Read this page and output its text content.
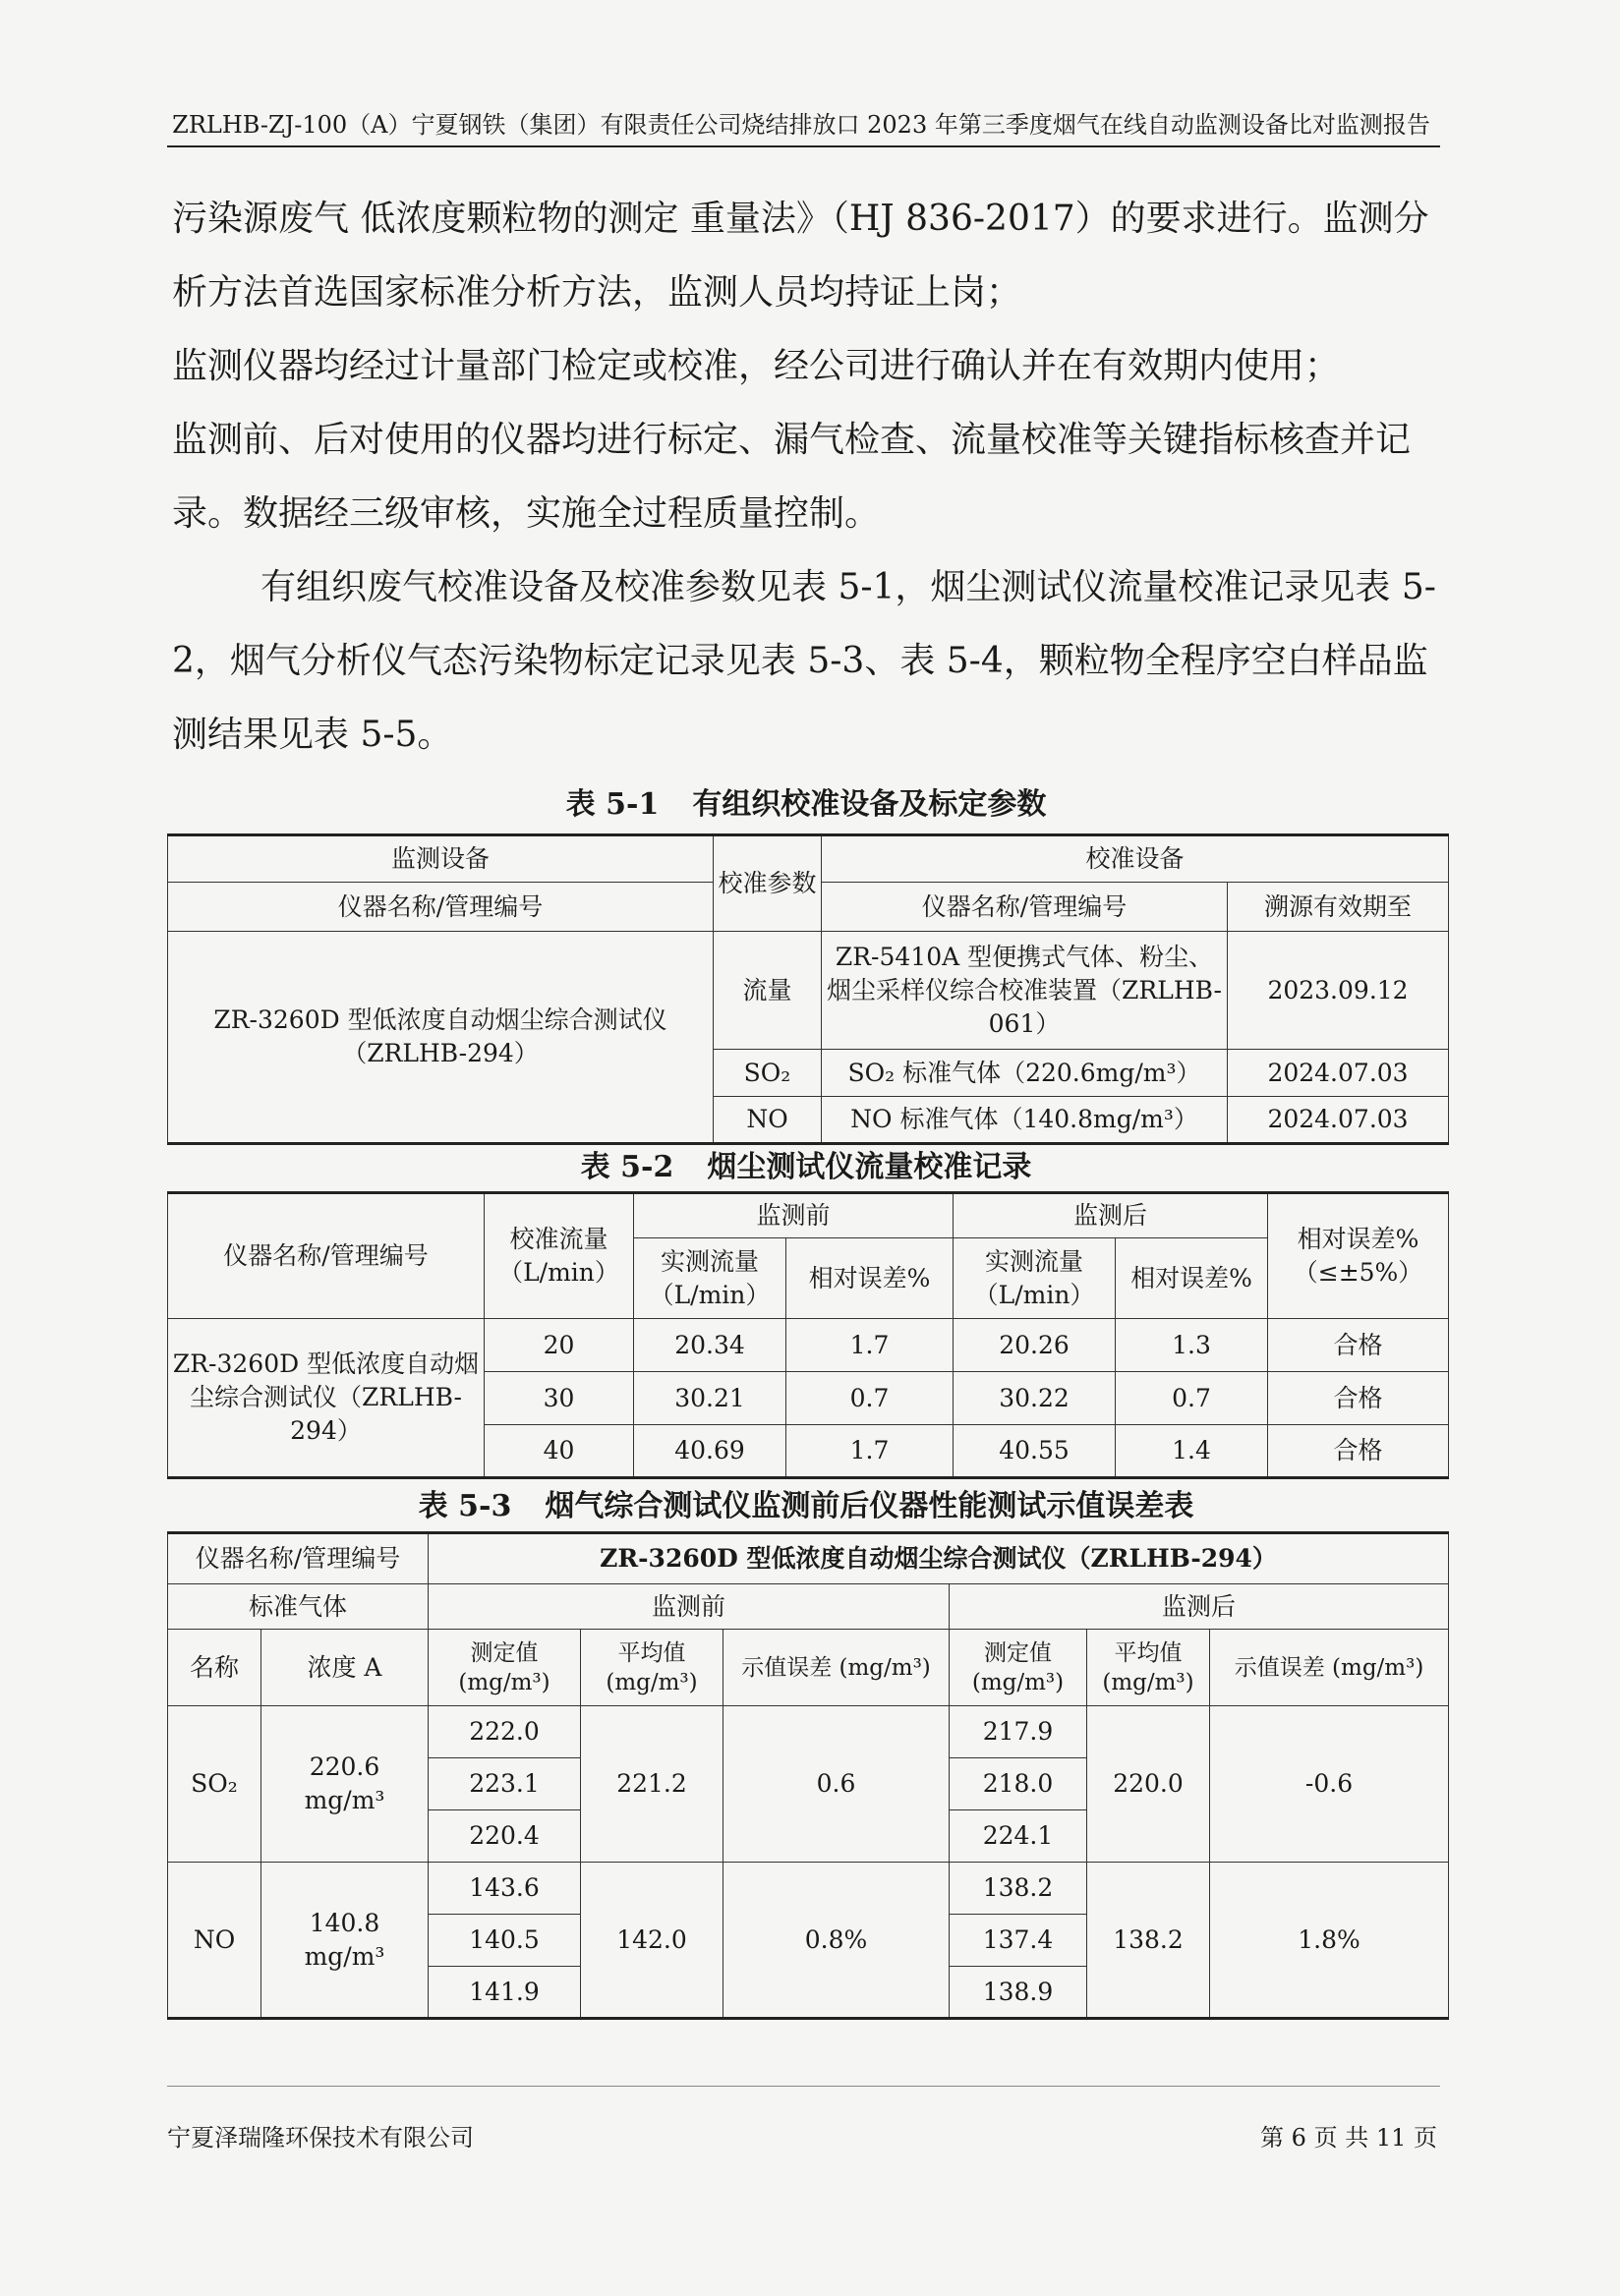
ZRLHB-ZJ-100（A）宁夏钢铁（集团）有限责任公司烧结排放口 2023 年第三季度烟气在线自动监测设备比对监测报告

污染源废气 低浓度颗粒物的测定 重量法》（HJ 836-2017）的要求进行。监测分析方法首选国家标准分析方法，监测人员均持证上岗；

监测仪器均经过计量部门检定或校准，经公司进行确认并在有效期内使用；

监测前、后对使用的仪器均进行标定、漏气检查、流量校准等关键指标核查并记录。数据经三级审核，实施全过程质量控制。

有组织废气校准设备及校准参数见表 5-1，烟尘测试仪流量校准记录见表 5-2，烟气分析仪气态污染物标定记录见表 5-3、表 5-4，颗粒物全程序空白样品监测结果见表 5-5。

表 5-1 有组织校准设备及标定参数
监测设备	校准参数	校准设备	
仪器名称/管理编号		仪器名称/管理编号	溯源有效期至
ZR-3260D 型低浓度自动烟尘综合测试仪（ZRLHB-294）	流量	ZR-5410A 型便携式气体、粉尘、烟尘采样仪综合校准装置（ZRLHB-061）	2023.09.12
	SO₂	SO₂ 标准气体（220.6mg/m³）	2024.07.03
	NO	NO 标准气体（140.8mg/m³）	2024.07.03
表 5-2 烟尘测试仪流量校准记录
仪器名称/管理编号	校准流量（L/min）	监测前		监测后		相对误差%（≤±5%）
		实测流量（L/min）	相对误差%	实测流量（L/min）	相对误差%	
ZR-3260D 型低浓度自动烟尘综合测试仪（ZRLHB-294）	20	20.34	1.7	20.26	1.3	合格
	30	30.21	0.7	30.22	0.7	合格
	40	40.69	1.7	40.55	1.4	合格
表 5-3 烟气综合测试仪监测前后仪器性能测试示值误差表
仪器名称/管理编号		ZR-3260D 型低浓度自动烟尘综合测试仪（ZRLHB-294）					
标准气体		监测前			监测后		
名称	浓度 A	测定值(mg/m³)	平均值(mg/m³)	示值误差 (mg/m³)	测定值(mg/m³)	平均值(mg/m³)	示值误差 (mg/m³)
SO₂	220.6 mg/m³	222.0	221.2	0.6	217.9	220.0	-0.6
		223.1			218.0		
		220.4			224.1		
NO	140.8 mg/m³	143.6	142.0	0.8%	138.2	138.2	1.8%
		140.5			137.4		
		141.9			138.9		
宁夏泽瑞隆环保技术有限公司	第 6 页 共 11 页
